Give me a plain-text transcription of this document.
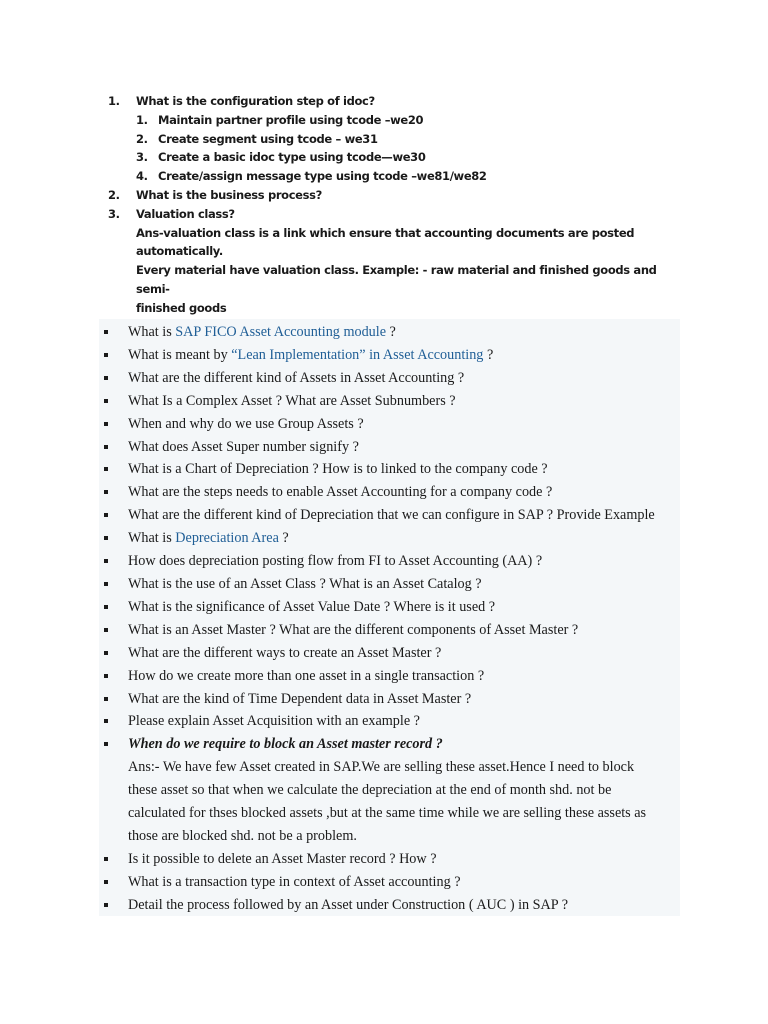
1.	What is the configuration step of idoc?
1. Maintain partner profile using tcode –we20
2. Create segment using tcode – we31
3. Create a basic idoc type using tcode—we30
4. Create/assign message type using tcode –we81/we82
2.	What is the business process?
3.	Valuation class?
Ans-valuation class is a link which ensure that accounting documents are posted automatically.
Every material have valuation class. Example: - raw material and finished goods and semi-
finished goods
What is SAP FICO Asset Accounting module ?
What is meant by “Lean Implementation” in Asset Accounting ?
What are the different kind of Assets in Asset Accounting ?
What Is a Complex Asset ? What are Asset Subnumbers ?
When and why do we use Group Assets ?
What does Asset Super number signify ?
What is a Chart of Depreciation ? How is to linked to the company code ?
What are the steps needs to enable Asset Accounting for a company code ?
What are the different kind of Depreciation that we can configure in SAP ? Provide Example
What is Depreciation Area ?
How does depreciation posting flow from FI to Asset Accounting (AA) ?
What is the use of an Asset Class ? What is an Asset Catalog ?
What is the significance of Asset Value Date ? Where is it used ?
What is an Asset Master ? What are the different components of Asset Master ?
What are the different ways to create an Asset Master ?
How do we create more than one asset in a single transaction ?
What are the kind of Time Dependent data in Asset Master ?
Please explain Asset Acquisition with an example ?
When do we require to block an Asset master record ?
Ans:- We have few Asset created in SAP.We are selling these asset.Hence I need to block
these asset so that when we calculate the depreciation at the end of month shd. not be
calculated for thses blocked assets ,but at the same time while we are selling these assets as
those are blocked shd. not be a problem.
Is it possible to delete an Asset Master record ? How ?
What is a transaction type in context of Asset accounting ?
Detail the process followed by an Asset under Construction ( AUC ) in SAP ?
